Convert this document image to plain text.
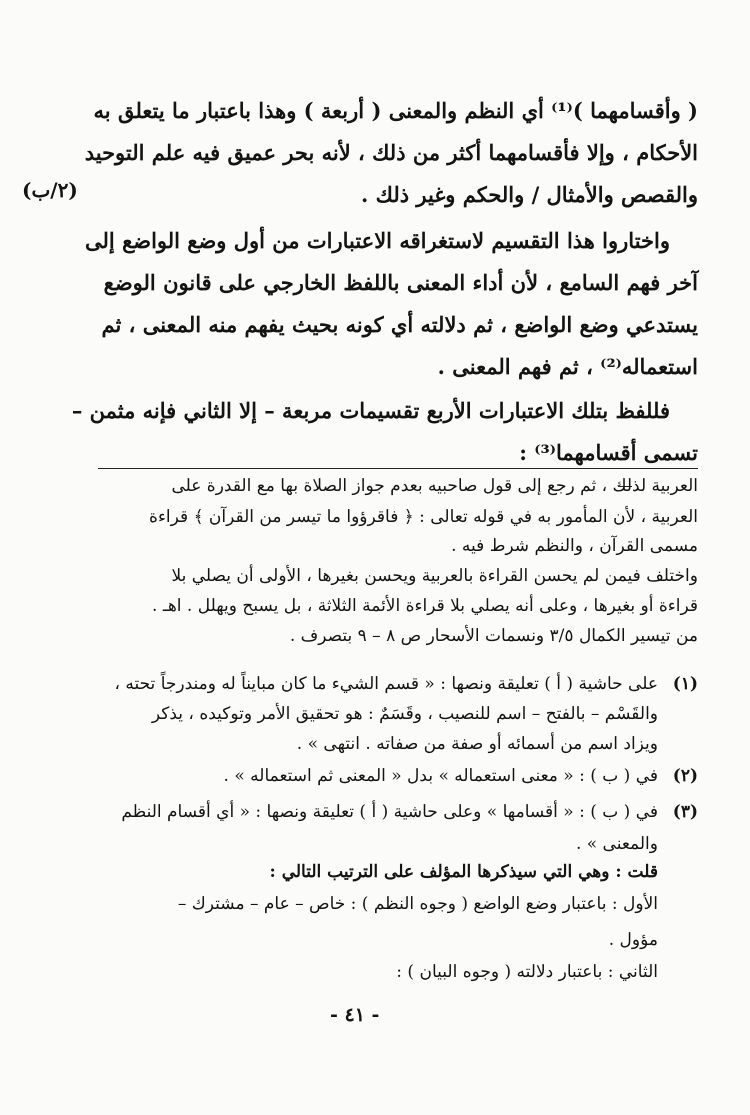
(٢/ب)
( وأقسامهما )⁽¹⁾ أي النظم والمعنى ( أربعة ) وهذا باعتبار ما يتعلق به
الأحكام ، وإلا فأقسامهما أكثر من ذلك ، لأنه بحر عميق فيه علم التوحيد
والقصص والأمثال / والحكم وغير ذلك .
واختاروا هذا التقسيم لاستغراقه الاعتبارات من أول وضع الواضع إلى
آخر فهم السامع ، لأن أداء المعنى باللفظ الخارجي على قانون الوضع
يستدعي وضع الواضع ، ثم دلالته أي كونه بحيث يفهم منه المعنى ، ثم
استعماله⁽²⁾ ، ثم فهم المعنى .
فللفظ بتلك الاعتبارات الأربع تقسيمات مربعة – إلا الثاني فإنه مثمن –
تسمى أقسامهما⁽³⁾ :
العربية لذلك ، ثم رجع إلى قول صاحبيه بعدم جواز الصلاة بها مع القدرة على
العربية ، لأن المأمور به في قوله تعالى : ﴿ فاقرؤوا ما تيسر من القرآن ﴾ قراءة
مسمى القرآن ، والنظم شرط فيه .
واختلف فيمن لم يحسن القراءة بالعربية ويحسن بغيرها ، الأولى أن يصلي بلا
قراءة أو بغيرها ، وعلى أنه يصلي بلا قراءة الأئمة الثلاثة ، بل يسبح ويهلل . اهـ .
من تيسير الكمال ٣/٥ ونسمات الأسحار ص ٨ – ٩ بتصرف .
(١)
على حاشية ( أ ) تعليقة ونصها : « قسم الشيء ما كان مبايناً له ومندرجاً تحته ،
والقَسْم – بالفتح – اسم للنصيب ، وقَسَمٌ : هو تحقيق الأمر وتوكيده ، يذكر
ويزاد اسم من أسمائه أو صفة من صفاته . انتهى » .
(٢)
في ( ب ) : « معنى استعماله » بدل « المعنى ثم استعماله » .
(٣)
في ( ب ) : « أقسامها » وعلى حاشية ( أ ) تعليقة ونصها : « أي أقسام النظم
والمعنى » .
قلت : وهي التي سيذكرها المؤلف على الترتيب التالي :
الأول : باعتبار وضع الواضع ( وجوه النظم ) : خاص – عام – مشترك –
مؤول .
الثاني : باعتبار دلالته ( وجوه البيان ) :
- ٤١ -
